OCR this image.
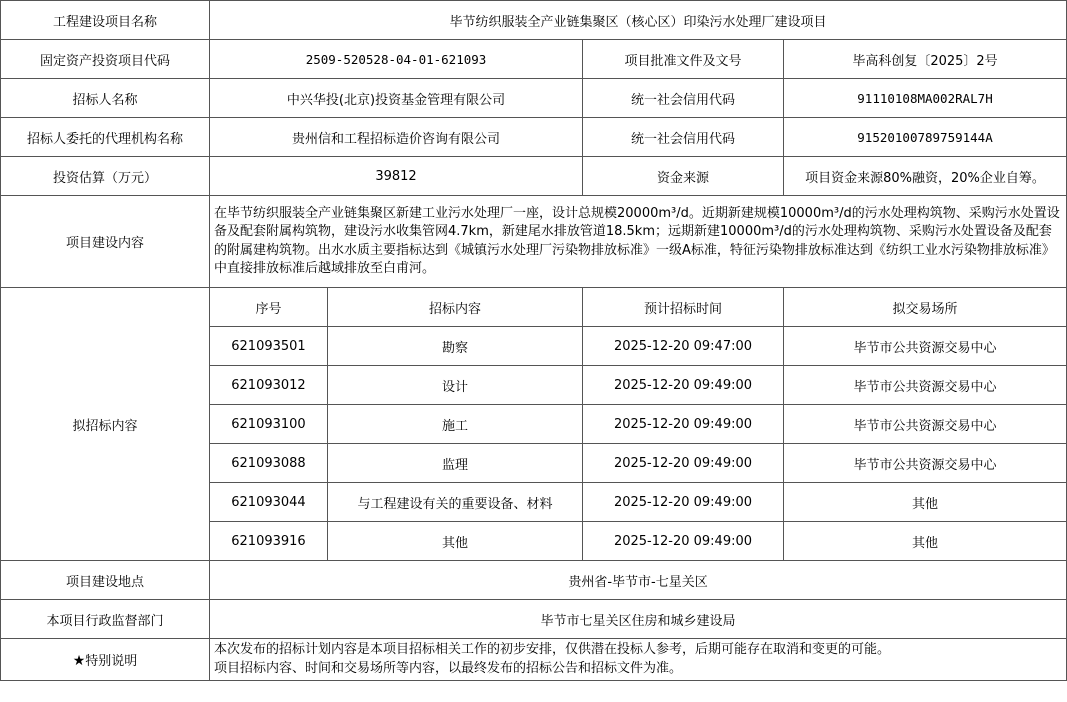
工程建设项目名称	毕节纺织服装全产业链集聚区（核心区）印染污水处理厂建设项目			
固定资产投资项目代码	2509-520528-04-01-621093		项目批准文件及文号	毕高科创复〔2025〕2号
招标人名称	中兴华投(北京)投资基金管理有限公司		统一社会信用代码	91110108MA002RAL7H
招标人委托的代理机构名称	贵州信和工程招标造价咨询有限公司		统一社会信用代码	91520100789759144A
投资估算（万元）	39812		资金来源	项目资金来源80%融资，20%企业自筹。
项目建设内容	在毕节纺织服装全产业链集聚区新建工业污水处理厂一座，设计总规模20000m³/d。近期新建规模10000m³/d的污水处理构筑物、采购污水处置设备及配套附属构筑物，建设污水收集管网4.7km，新建尾水排放管道18.5km；远期新建10000m³/d的污水处理构筑物、采购污水处置设备及配套的附属建构筑物。出水水质主要指标达到《城镇污水处理厂污染物排放标准》一级A标准，特征污染物排放标准达到《纺织工业水污染物排放标准》中直接排放标准后越域排放至白甫河。			
拟招标内容	序号	招标内容	预计招标时间	拟交易场所
	621093501	勘察	2025-12-20 09:47:00	毕节市公共资源交易中心
	621093012	设计	2025-12-20 09:49:00	毕节市公共资源交易中心
	621093100	施工	2025-12-20 09:49:00	毕节市公共资源交易中心
	621093088	监理	2025-12-20 09:49:00	毕节市公共资源交易中心
	621093044	与工程建设有关的重要设备、材料	2025-12-20 09:49:00	其他
	621093916	其他	2025-12-20 09:49:00	其他
项目建设地点	贵州省-毕节市-七星关区			
本项目行政监督部门	毕节市七星关区住房和城乡建设局			
★特别说明	本次发布的招标计划内容是本项目招标相关工作的初步安排，仅供潜在投标人参考，后期可能存在取消和变更的可能。
项目招标内容、时间和交易场所等内容，以最终发布的招标公告和招标文件为准。			
